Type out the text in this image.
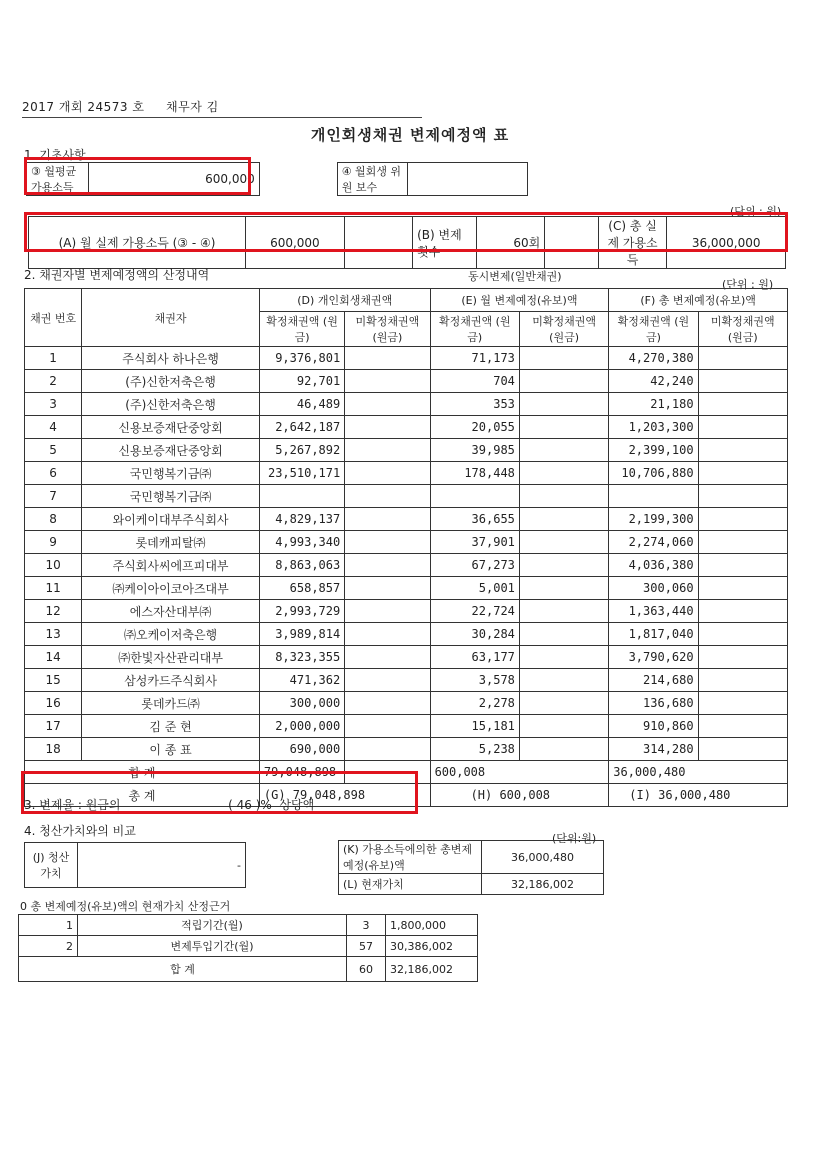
2017 개회 24573 호 채무자 김
개인회생채권 변제예정액 표
1. 기초사항
③ 월평균 가용소득	600,000		④ 월회생 위원 보수	
(단위 : 원)
(A) 월 실제 가용소득 (③ - ④)	600,000		(B) 변제횟수	60회		(C) 총 실제 가용소득	36,000,000
2. 채권자별 변제예정액의 산정내역	동시변제(일반채권)
(단위 : 원)
채권 번호	채권자	(D) 개인회생채권액		(E) 월 변제예정(유보)액		(F) 총 변제예정(유보)액	
		확정채권액 (원금)	미확정채권액 (원금)	확정채권액 (원금)	미확정채권액 (원금)	확정채권액 (원금)	미확정채권액 (원금)
1	주식회사 하나은행	9,376,801		71,173		4,270,380	
2	(주)신한저축은행	92,701		704		42,240	
3	(주)신한저축은행	46,489		353		21,180	
4	신용보증재단중앙회	2,642,187		20,055		1,203,300	
5	신용보증재단중앙회	5,267,892		39,985		2,399,100	
6	국민행복기금㈜	23,510,171		178,448		10,706,880	
7	국민행복기금㈜						
8	와이케이대부주식회사	4,829,137		36,655		2,199,300	
9	롯데캐피탈㈜	4,993,340		37,901		2,274,060	
10	주식회사씨에프피대부	8,863,063		67,273		4,036,380	
11	㈜케이아이코아즈대부	658,857		5,001		300,060	
12	에스자산대부㈜	2,993,729		22,724		1,363,440	
13	㈜오케이저축은행	3,989,814		30,284		1,817,040	
14	㈜한빛자산관리대부	8,323,355		63,177		3,790,620	
15	삼성카드주식회사	471,362		3,578		214,680	
16	롯데카드㈜	300,000		2,278		136,680	
17	김 준 현	2,000,000		15,181		910,860	
18	이 종 표	690,000		5,238		314,280	
합 계		79,048,898		600,008		36,000,480	
총 계		(G) 79,048,898		(H) 600,008		(I) 36,000,480	
3. 변제율 : 원금의	( 46 )% 상당액
4. 청산가치와의 비교
(단위:원)
(J) 청산 가치	-
(K) 가용소득에의한 총변제예정(유보)액	36,000,480
(L) 현재가치	32,186,002
0 총 변제예정(유보)액의 현재가치 산정근거
1	적립기간(월)	3	1,800,000
2	변제투입기간(월)	57	30,386,002
합 계		60	32,186,002
